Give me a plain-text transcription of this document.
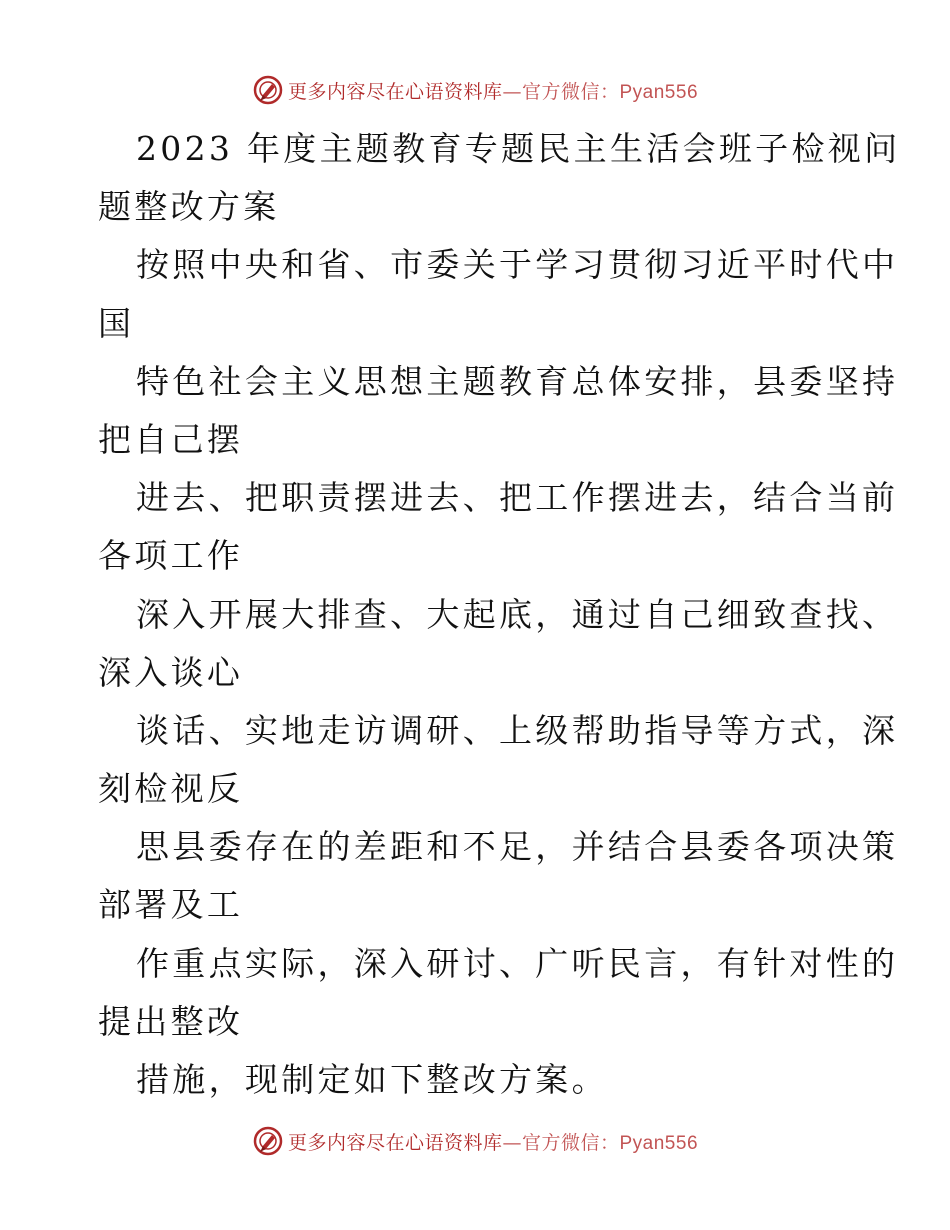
更多内容尽在心语资料库—官方微信：Pyan556
2023 年度主题教育专题民主生活会班子检视问
题整改方案
按照中央和省、市委关于学习贯彻习近平时代中
国
特色社会主义思想主题教育总体安排，县委坚持
把自己摆
进去、把职责摆进去、把工作摆进去，结合当前
各项工作
深入开展大排查、大起底，通过自己细致查找、
深入谈心
谈话、实地走访调研、上级帮助指导等方式，深
刻检视反
思县委存在的差距和不足，并结合县委各项决策
部署及工
作重点实际，深入研讨、广听民言，有针对性的
提出整改
措施，现制定如下整改方案。
更多内容尽在心语资料库—官方微信：Pyan556
